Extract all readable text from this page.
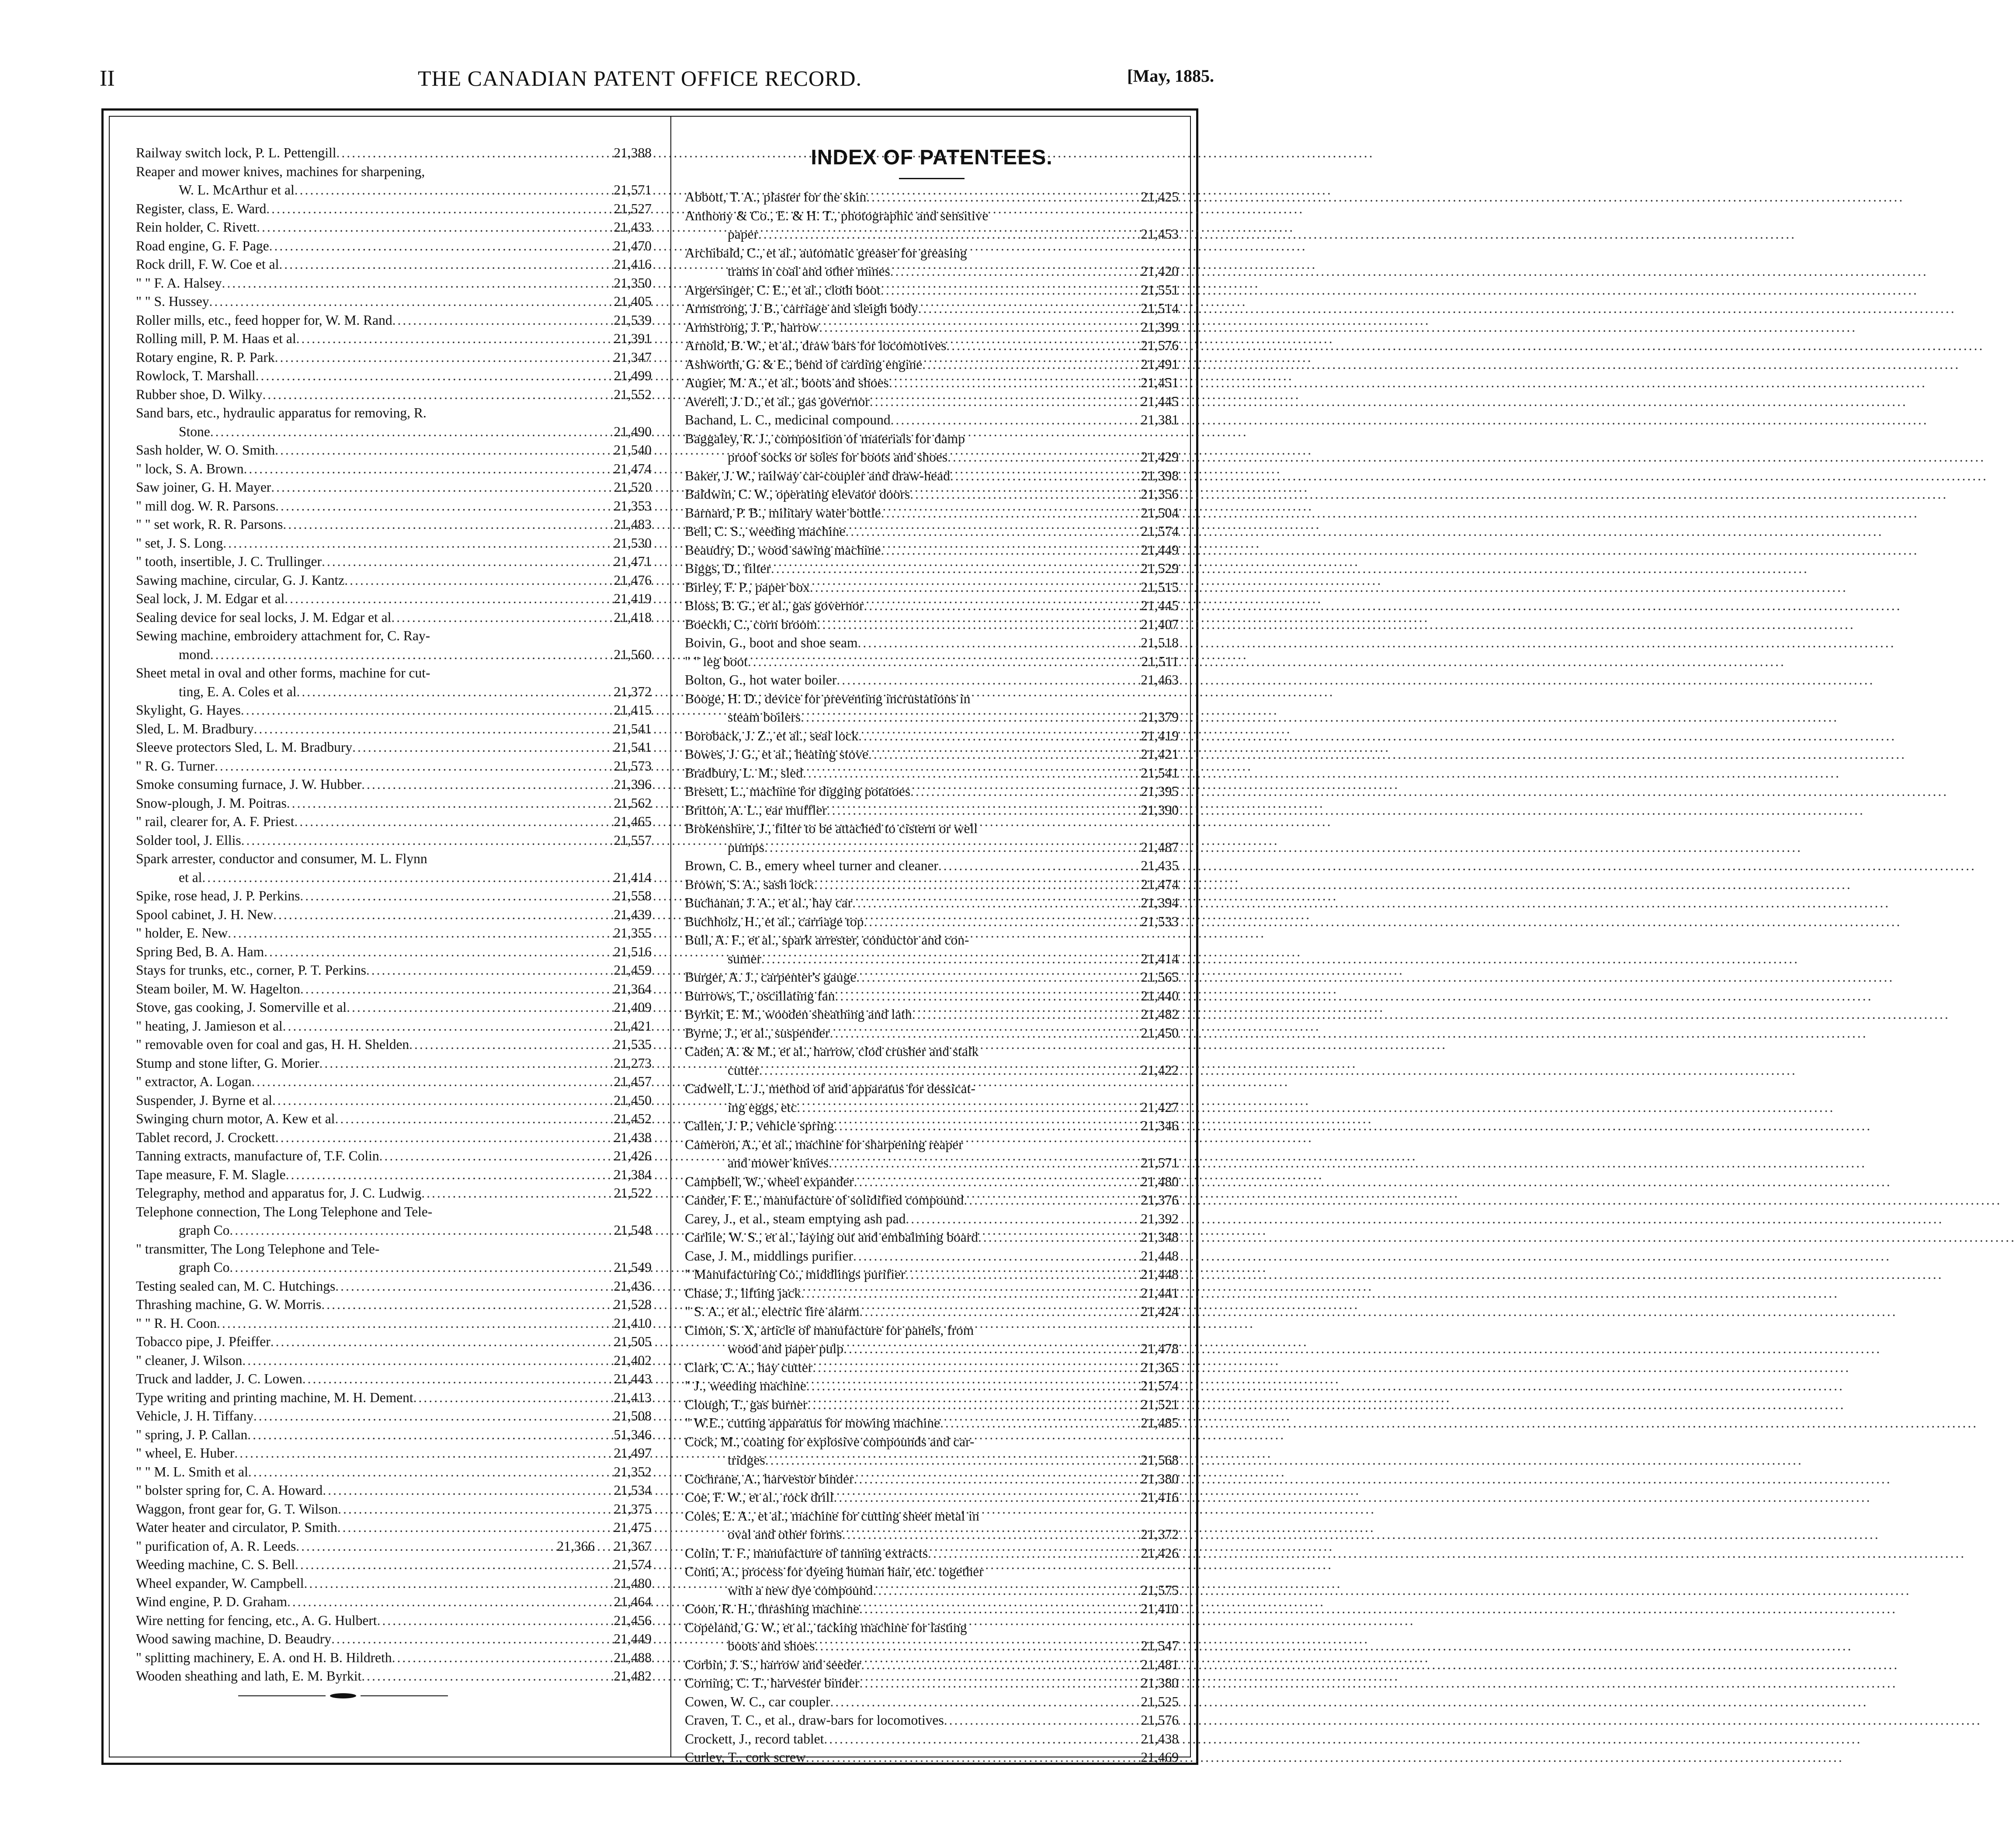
II	THE CANADIAN PATENT OFFICE RECORD.	[May, 1885.
Railway switch lock, P. L. Pettengill .....	21,388
Reaper and mower knives, machines for sharpening,
W. L. McArthur et al .....	21,571
Register, class, E. Ward .....	21,527
Rein holder, C. Rivett .....	21,433
Road engine, G. F. Page .....	21,470
Rock drill, F. W. Coe et al .....	21,416
" " F. A. Halsey .....	21,350
" " S. Hussey .....	21,405
Roller mills, etc., feed hopper for, W. M. Rand .....	21,539
Rolling mill, P. M. Haas et al .....	21,391
Rotary engine, R. P. Park .....	21,347
Rowlock, T. Marshall .....	21,499
Rubber shoe, D. Wilky .....	21,552
Sand bars, etc., hydraulic apparatus for removing, R.
Stone .....	21,490
Sash holder, W. O. Smith .....	21,540
" lock, S. A. Brown .....	21,474
Saw joiner, G. H. Mayer .....	21,520
" mill dog. W. R. Parsons .....	21,353
" " set work, R. R. Parsons .....	21,483
" set, J. S. Long .....	21,530
" tooth, insertible, J. C. Trullinger .....	21,471
Sawing machine, circular, G. J. Kantz .....	21,476
Seal lock, J. M. Edgar et al .....	21,419
Sealing device for seal locks, J. M. Edgar et al .....	21,418
Sewing machine, embroidery attachment for, C. Ray-
mond .....	21,560
Sheet metal in oval and other forms, machine for cut-
ting, E. A. Coles et al .....	21,372
Skylight, G. Hayes .....	21,415
Sled, L. M. Bradbury .....	21,541
Sleeve protectors Sled, L. M. Bradbury .....	21,541
" R. G. Turner .....	21,573
Smoke consuming furnace, J. W. Hubber .....	21,396
Snow-plough, J. M. Poitras .....	21,562
" rail, clearer for, A. F. Priest .....	21,465
Solder tool, J. Ellis .....	21,557
Spark arrester, conductor and consumer, M. L. Flynn
et al .....	21,414
Spike, rose head, J. P. Perkins .....	21,558
Spool cabinet, J. H. New .....	21,439
" holder, E. New .....	21,355
Spring Bed, B. A. Ham .....	21,516
Stays for trunks, etc., corner, P. T. Perkins .....	21,459
Steam boiler, M. W. Hagelton .....	21,364
Stove, gas cooking, J. Somerville et al .....	21,409
" heating, J. Jamieson et al .....	21,421
" removable oven for coal and gas, H. H. Shelden .....	21,535
Stump and stone lifter, G. Morier .....	21,273
" extractor, A. Logan .....	21,457
Suspender, J. Byrne et al .....	21,450
Swinging churn motor, A. Kew et al .....	21,452
Tablet record, J. Crockett .....	21,438
Tanning extracts, manufacture of, T.F. Colin .....	21,426
Tape measure, F. M. Slagle .....	21,384
Telegraphy, method and apparatus for, J. C. Ludwig .....	21,522
Telephone connection, The Long Telephone and Tele-
graph Co .....	21,548
" transmitter, The Long Telephone and Tele-
graph Co .....	21,549
Testing sealed can, M. C. Hutchings .....	21,436
Thrashing machine, G. W. Morris .....	21,528
" " R. H. Coon .....	21,410
Tobacco pipe, J. Pfeiffer .....	21,505
" cleaner, J. Wilson .....	21,402
Truck and ladder, J. C. Lowen .....	21,443
Type writing and printing machine, M. H. Dement .....	21,413
Vehicle, J. H. Tiffany .....	21,508
" spring, J. P. Callan .....	51,346
" wheel, E. Huber .....	21,497
" " M. L. Smith et al .....	21,352
" bolster spring for, C. A. Howard .....	21,534
Waggon, front gear for, G. T. Wilson .....	21,375
Water heater and circulator, P. Smith .....	21,475
" purification of, A. R. Leeds .....	21,366	21,367
Weeding machine, C. S. Bell .....	21,574
Wheel expander, W. Campbell .....	21,480
Wind engine, P. D. Graham .....	21,464
Wire netting for fencing, etc., A. G. Hulbert .....	21,456
Wood sawing machine, D. Beaudry .....	21,449
" splitting machinery, E. A. ond H. B. Hildreth .....	21,488
Wooden sheathing and lath, E. M. Byrkit .....	21,482
INDEX OF PATENTEES.
Abbott, T. A., plaster for the skin .....	21,425
Anthony & Co., E. & H. T., photographic and sensitive
paper .....	21,453
Archibald, C., et al., automatic greaser for greasing
trams in coal and other mines .....	21,420
Argersinger, C. E., et al., cloth boot .....	21,551
Armstrong, J. B., carriage and sleigh body .....	21,514
Armstrong, J. P., harrow .....	21,399
Arnold, B. W., et al., draw bars for locomotives .....	21,576
Ashworth, G. & E., bend of carding engine .....	21,491
Augier, M. A., et al., boots and shoes .....	21,451
Averell, J. D., et al., gas governor .....	21,445
Bachand, L. C., medicinal compound .....	21,381
Baggaley, R. J., composition of materials for damp
proof socks or soles for boots and shoes .....	21,429
Baker, J. W., railway car-coupler and draw-head .....	21,398
Baldwin, C. W., operating elevator doors .....	21,356
Barnard, P. B., military water bottle .....	21,504
Bell, C. S., weeding machine .....	21,574
Beaudry, D., wood sawing machine .....	21,449
Biggs, D., filter .....	21,529
Birley, F. P., paper box .....	21,515
Bloss, B. G., et al., gas governor .....	21,445
Boeckh, C., corn broom .....	21,407
Boivin, G., boot and shoe seam .....	21,518
" " leg boot .....	21,511
Bolton, G., hot water boiler .....	21,463
Booge, H. D., device for preventing incrustations in
steam boilers .....	21,379
Boroback, J. Z., et al., seal lock .....	21,419
Bowes, J. G., et al., heating stove .....	21,421
Bradbury, L. M., sled .....	21,541
Bresett, L., machine for digging potatoes .....	21,395
Britton, A. L., ear muffler .....	21,390
Brokenshire, J., filter to be attached to cistern or well
pumps .....	21,487
Brown, C. B., emery wheel turner and cleaner .....	21,435
Brown, S. A., sash lock .....	21,474
Buchanan, J. A., et al., hay car .....	21,394
Buchholz, H., et al., carriage top .....	21,533
Bull, A. F., et al., spark arrester, conductor and con-
sumer .....	21,414
Burger, A. J., carpenter's gauge .....	21,565
Burrows, T., oscillating fan .....	21,440
Byrkit, E. M., wooden sheathing and lath .....	21,482
Byrne, J., et al., suspender .....	21,450
Caden, A. & M., et al., harrow, clod crusher and stalk
cutter .....	21,422
Cadwell, L. J., method of and apparatus for dessicat-
ing eggs, etc .....	21,427
Callen, J. P., vehicle spring .....	21,346
Cameron, A., et al., machine for sharpening reaper
and mower knives .....	21,571
Campbell, W., wheel expander .....	21,480
Cander, F. E., manufacture of solidified compound .....	21,376
Carey, J., et al., steam emptying ash pad .....	21,392
Carlile, W. S., et al., laying out and embalming board .....	21,348
Case, J. M., middlings purifier .....	21,448
" Manufacturing Co., middlings purifier .....	21,448
Chase, J., lifting jack .....	21,441
" S. A., et al., electric fire alarm .....	21,424
Cimon, S. X, article of manufacture for panels, from
wood and paper pulp .....	21,478
Clark, C. A., hay cutter .....	21,365
" J., weeding machine .....	21,574
Clough, T., gas burner .....	21,521
" W.E., cutting apparatus for mowing machine .....	21,485
Cock, M., coating for explosive compounds and car-
tridges .....	21,568
Cochrane, A., harvestor binder .....	21,380
Coe, F. W., et al., rock drill .....	21,416
Coles, E. A., et al., machine for cutting sheet metal in
oval and other forms .....	21,372
Colin, T. F., manufacture of tanning extracts .....	21,426
Conti, A., process for dyeing human hair, etc. together
with a new dye compound .....	21,575
Coon, R. H., thrashing machine .....	21,410
Copeland, G. W., et al., tacking machine for lasting
boots and shoes .....	21,547
Corbin, J. S., harrow and seeder .....	21,481
Corning, C. T., harvester binder .....	21,380
Cowen, W. C., car coupler .....	21,525
Craven, T. C., et al., draw-bars for locomotives .....	21,576
Crockett, J., record tablet .....	21,438
Curley, T., cork screw .....	21,469
